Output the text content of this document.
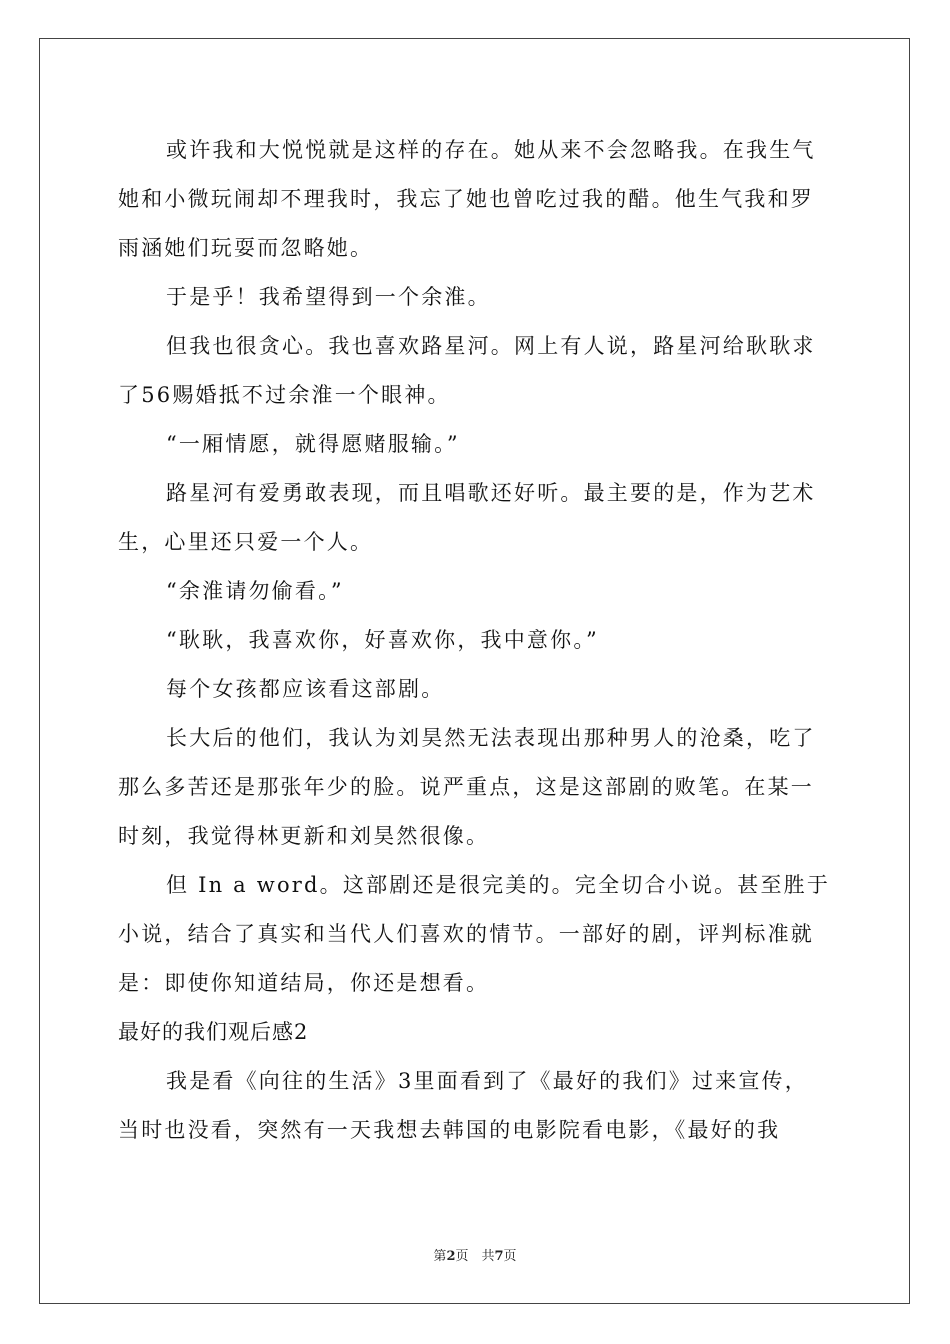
或许我和大悦悦就是这样的存在。她从来不会忽略我。在我生气
她和小微玩闹却不理我时，我忘了她也曾吃过我的醋。他生气我和罗
雨涵她们玩耍而忽略她。
于是乎！我希望得到一个余淮。
但我也很贪心。我也喜欢路星河。网上有人说，路星河给耿耿求
了56赐婚抵不过余淮一个眼神。
“一厢情愿，就得愿赌服输。”
路星河有爱勇敢表现，而且唱歌还好听。最主要的是，作为艺术
生，心里还只爱一个人。
“余淮请勿偷看。”
“耿耿，我喜欢你，好喜欢你，我中意你。”
每个女孩都应该看这部剧。
长大后的他们，我认为刘昊然无法表现出那种男人的沧桑，吃了
那么多苦还是那张年少的脸。说严重点，这是这部剧的败笔。在某一
时刻，我觉得林更新和刘昊然很像。
但 In a word。这部剧还是很完美的。完全切合小说。甚至胜于
小说，结合了真实和当代人们喜欢的情节。一部好的剧，评判标准就
是：即使你知道结局，你还是想看。
最好的我们观后感2
我是看《向往的生活》3里面看到了《最好的我们》过来宣传，
当时也没看，突然有一天我想去韩国的电影院看电影，《最好的我
第2页　共7页
